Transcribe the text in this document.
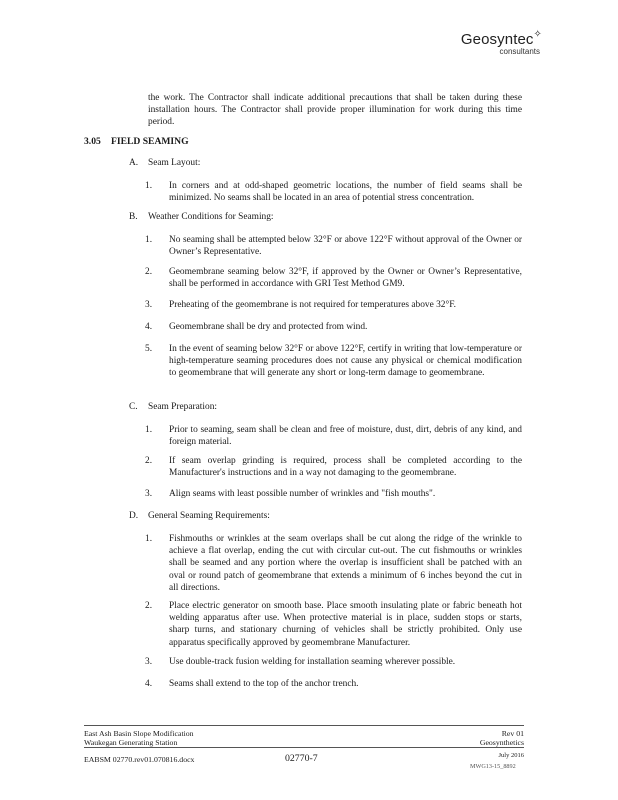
Geosyntec✧
consultants

the work. The Contractor shall indicate additional precautions that shall be taken during these installation hours. The Contractor shall provide proper illumination for work during this time period.

3.05 FIELD SEAMING
A. Seam Layout:
1. In corners and at odd-shaped geometric locations, the number of field seams shall be minimized. No seams shall be located in an area of potential stress concentration.
B. Weather Conditions for Seaming:
1. No seaming shall be attempted below 32°F or above 122°F without approval of the Owner or Owner’s Representative.
2. Geomembrane seaming below 32°F, if approved by the Owner or Owner’s Representative, shall be performed in accordance with GRI Test Method GM9.
3. Preheating of the geomembrane is not required for temperatures above 32°F.
4. Geomembrane shall be dry and protected from wind.
5. In the event of seaming below 32°F or above 122°F, certify in writing that low-temperature or high-temperature seaming procedures does not cause any physical or chemical modification to geomembrane that will generate any short or long-term damage to geomembrane.
C. Seam Preparation:
1. Prior to seaming, seam shall be clean and free of moisture, dust, dirt, debris of any kind, and foreign material.
2. If seam overlap grinding is required, process shall be completed according to the Manufacturer's instructions and in a way not damaging to the geomembrane.
3. Align seams with least possible number of wrinkles and "fish mouths".
D. General Seaming Requirements:
1. Fishmouths or wrinkles at the seam overlaps shall be cut along the ridge of the wrinkle to achieve a flat overlap, ending the cut with circular cut-out. The cut fishmouths or wrinkles shall be seamed and any portion where the overlap is insufficient shall be patched with an oval or round patch of geomembrane that extends a minimum of 6 inches beyond the cut in all directions.
2. Place electric generator on smooth base. Place smooth insulating plate or fabric beneath hot welding apparatus after use. When protective material is in place, sudden stops or starts, sharp turns, and stationary churning of vehicles shall be strictly prohibited. Only use apparatus specifically approved by geomembrane Manufacturer.
3. Use double-track fusion welding for installation seaming wherever possible.
4. Seams shall extend to the top of the anchor trench.
East Ash Basin Slope Modification
Waukegan Generating Station
Rev 01
Geosynthetics
EABSM 02770.rev01.070816.docx	02770-7	July 2016
MWG13-15_8892
